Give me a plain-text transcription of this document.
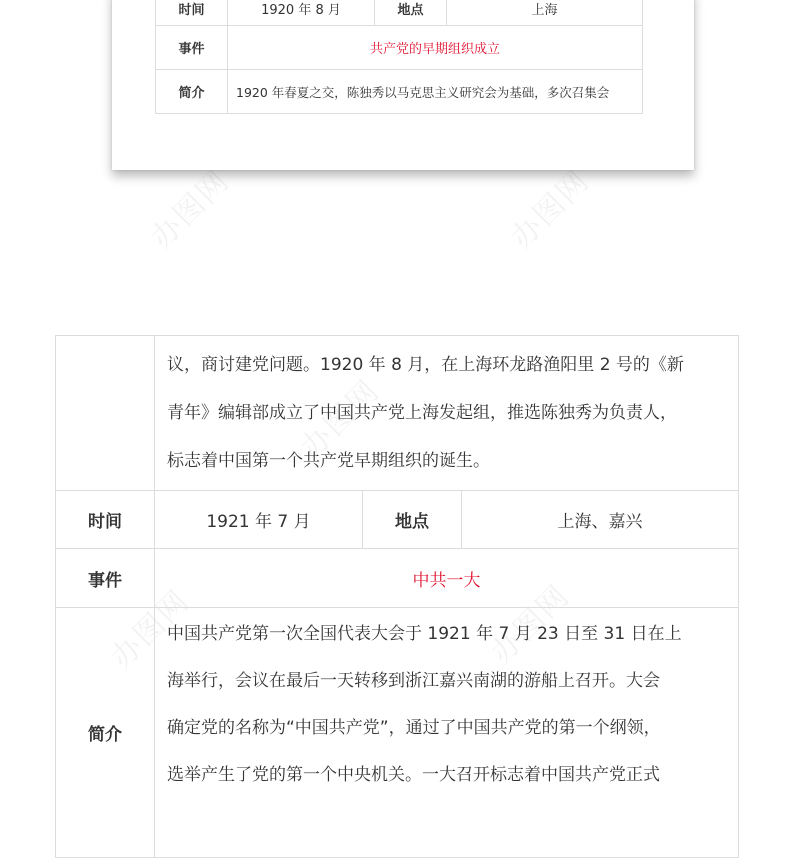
办图网	办图网
办图网
办图网
办图网
时间	1920 年 8 月	地点	上海
事件	共产党的早期组织成立		
简介	1920 年春夏之交，陈独秀以马克思主义研究会为基础，多次召集会		

	议，商讨建党问题。1920 年 8 月，在上海环龙路渔阳里 2 号的《新

青年》编辑部成立了中国共产党上海发起组，推选陈独秀为负责人，

标志着中国第一个共产党早期组织的诞生。		

时间	1921 年 7 月	地点	上海、嘉兴
事件	中共一大		
简介	中国共产党第一次全国代表大会于 1921 年 7 月 23 日至 31 日在上

海举行，会议在最后一天转移到浙江嘉兴南湖的游船上召开。大会

确定党的名称为“中国共产党”，通过了中国共产党的第一个纲领，

选举产生了党的第一个中央机关。一大召开标志着中国共产党正式		
